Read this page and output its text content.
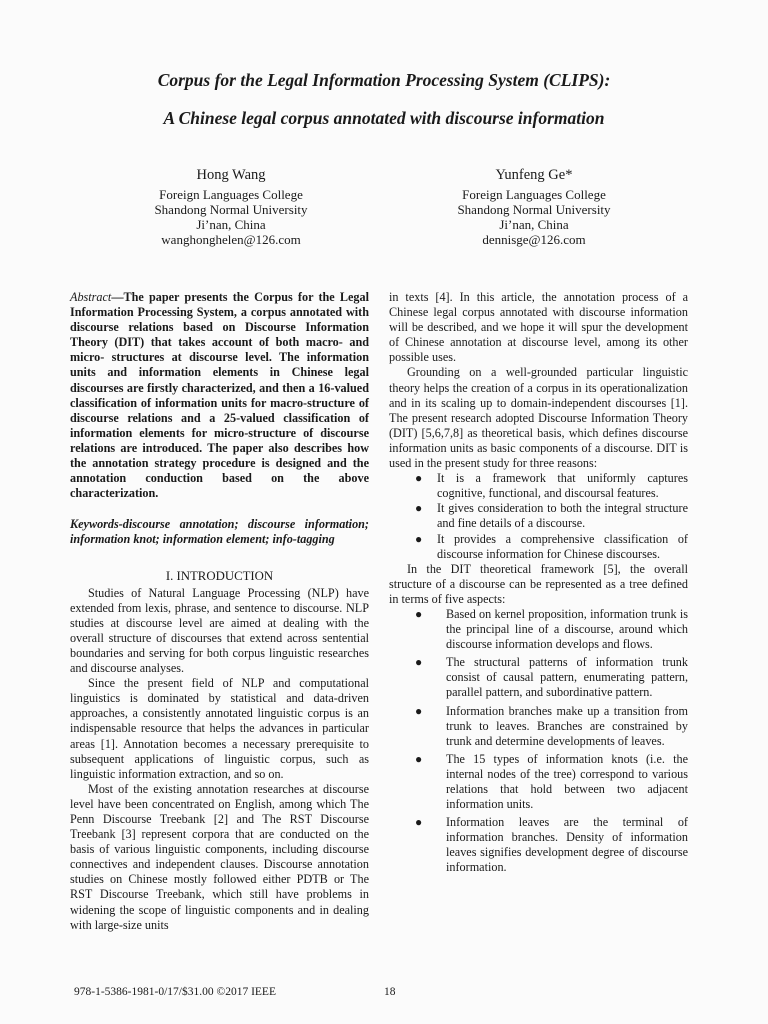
Corpus for the Legal Information Processing System (CLIPS):
A Chinese legal corpus annotated with discourse information
Hong Wang
Foreign Languages College
Shandong Normal University
Ji’nan, China
wanghonghelen@126.com
Yunfeng Ge*
Foreign Languages College
Shandong Normal University
Ji’nan, China
dennisge@126.com

Abstract—The paper presents the Corpus for the Legal Information Processing System, a corpus annotated with discourse relations based on Discourse Information Theory (DIT) that takes account of both macro- and micro- structures at discourse level. The information units and information elements in Chinese legal discourses are firstly characterized, and then a 16-valued classification of information units for macro-structure of discourse relations and a 25-valued classification of information elements for micro-structure of discourse relations are introduced. The paper also describes how the annotation strategy procedure is designed and the annotation conduction based on the above characterization.

Keywords-discourse annotation; discourse information; information knot; information element; info-tagging

I. INTRODUCTION

Studies of Natural Language Processing (NLP) have extended from lexis, phrase, and sentence to discourse. NLP studies at discourse level are aimed at dealing with the overall structure of discourses that extend across sentential boundaries and serving for both corpus linguistic researches and discourse analyses.

Since the present field of NLP and computational linguistics is dominated by statistical and data-driven approaches, a consistently annotated linguistic corpus is an indispensable resource that helps the advances in particular areas [1]. Annotation becomes a necessary prerequisite to subsequent applications of linguistic corpus, such as linguistic information extraction, and so on.

Most of the existing annotation researches at discourse level have been concentrated on English, among which The Penn Discourse Treebank [2] and The RST Discourse Treebank [3] represent corpora that are conducted on the basis of various linguistic components, including discourse connectives and independent clauses. Discourse annotation studies on Chinese mostly followed either PDTB or The RST Discourse Treebank, which still have problems in widening the scope of linguistic components and in dealing with large-size units

in texts [4]. In this article, the annotation process of a Chinese legal corpus annotated with discourse information will be described, and we hope it will spur the development of Chinese annotation at discourse level, among its other possible uses.

Grounding on a well-grounded particular linguistic theory helps the creation of a corpus in its operationalization and in its scaling up to domain-independent discourses [1]. The present research adopted Discourse Information Theory (DIT) [5,6,7,8] as theoretical basis, which defines discourse information units as basic components of a discourse. DIT is used in the present study for three reasons:

● It is a framework that uniformly captures cognitive, functional, and discoursal features.
● It gives consideration to both the integral structure and fine details of a discourse.
● It provides a comprehensive classification of discourse information for Chinese discourses.

In the DIT theoretical framework [5], the overall structure of a discourse can be represented as a tree defined in terms of five aspects:

● Based on kernel proposition, information trunk is the principal line of a discourse, around which discourse information develops and flows.
● The structural patterns of information trunk consist of causal pattern, enumerating pattern, parallel pattern, and subordinative pattern.
● Information branches make up a transition from trunk to leaves. Branches are constrained by trunk and determine developments of leaves.
● The 15 types of information knots (i.e. the internal nodes of the tree) correspond to various relations that hold between two adjacent information units.
● Information leaves are the terminal of information branches. Density of information leaves signifies development degree of discourse information.
978-1-5386-1981-0/17/$31.00 ©2017 IEEE	18
